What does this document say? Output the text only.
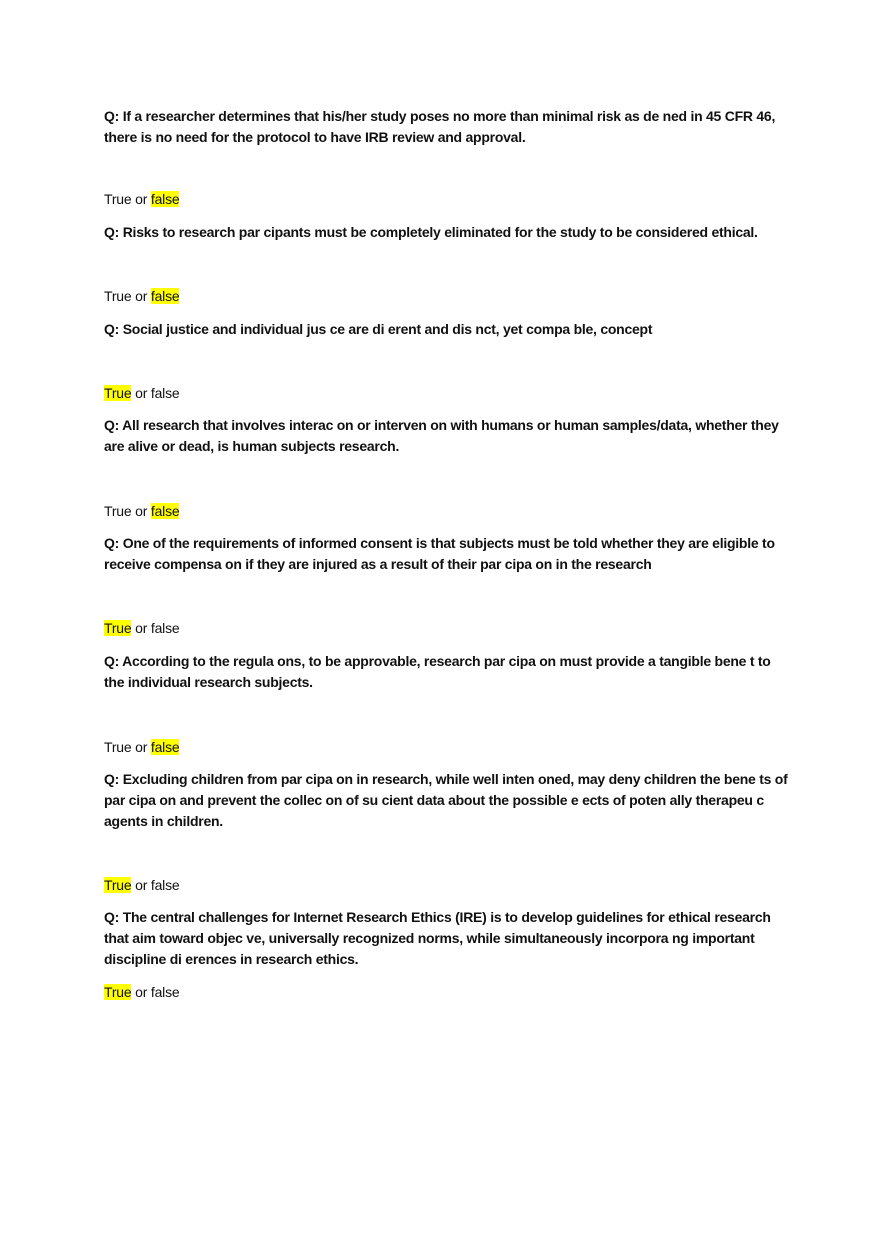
Q: If a researcher determines that his/her study poses no more than minimal risk as de ned in 45 CFR 46, there is no need for the protocol to have IRB review and approval.

True or false

Q: Risks to research par cipants must be completely eliminated for the study to be considered ethical.

True or false

Q: Social justice and individual jus ce are di erent and dis nct, yet compa ble, concept

True or false

Q: All research that involves interac on or interven on with humans or human samples/data, whether they are alive or dead, is human subjects research.

True or false

Q: One of the requirements of informed consent is that subjects must be told whether they are eligible to receive compensa on if they are injured as a result of their par cipa on in the research

True or false

Q: According to the regula ons, to be approvable, research par cipa on must provide a tangible bene t to the individual research subjects.

True or false

Q: Excluding children from par cipa on in research, while well inten oned, may deny children the bene ts of par cipa on and prevent the collec on of su cient data about the possible e ects of poten ally therapeu c agents in children.

True or false

Q: The central challenges for Internet Research Ethics (IRE) is to develop guidelines for ethical research that aim toward objec ve, universally recognized norms, while simultaneously incorpora ng important discipline di erences in research ethics.

True or false
